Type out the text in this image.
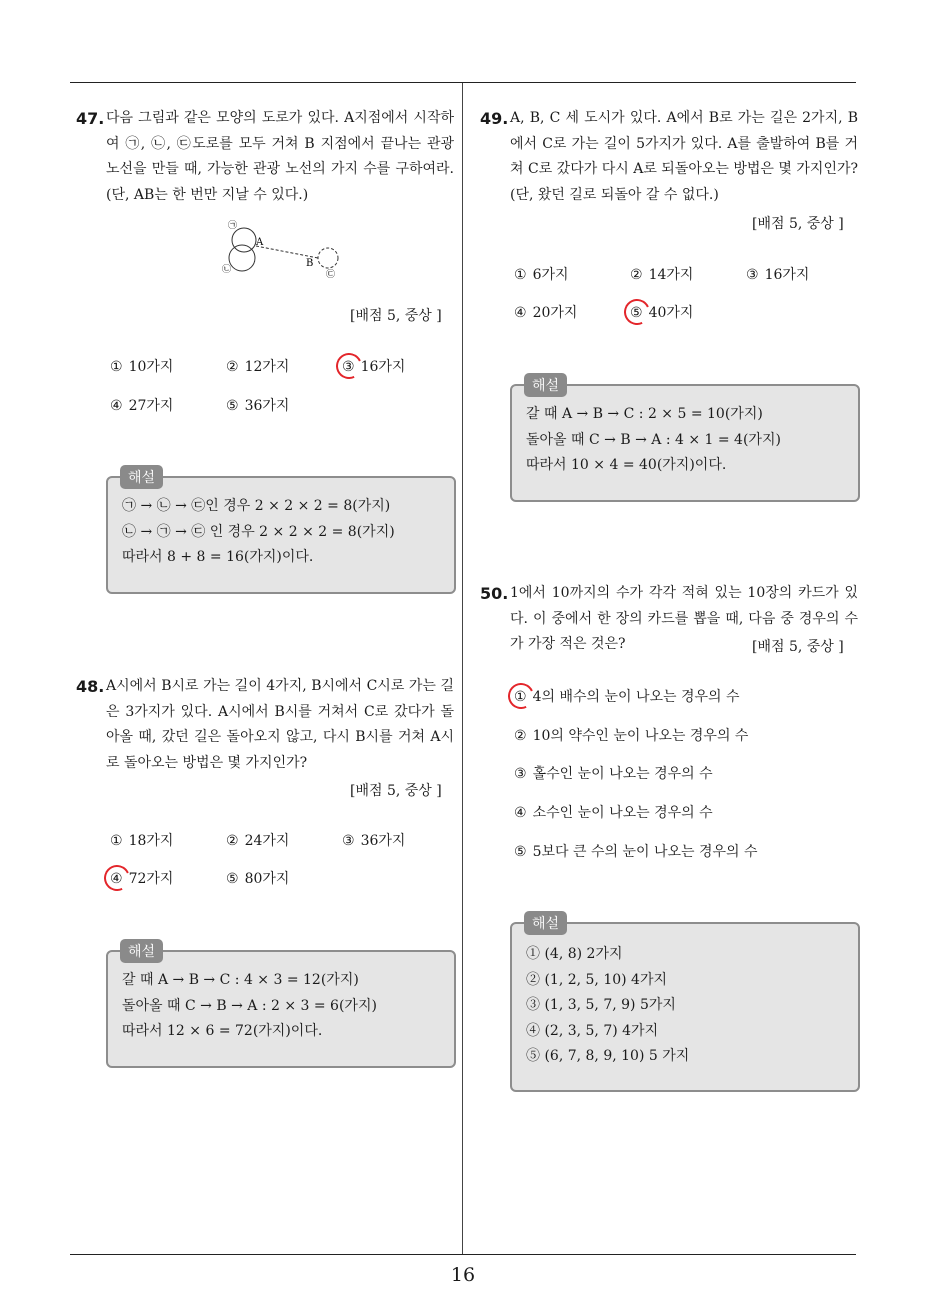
16
47. 다음 그림과 같은 모양의 도로가 있다. A지점에서 시작하여 ㉠, ㉡, ㉢도로를 모두 거쳐 B 지점에서 끝나는 관광 노선을 만들 때, 가능한 관광 노선의 가지 수를 구하여라. (단, AB는 한 번만 지날 수 있다.)
㉠
A
B
㉡	㉢
[배점 5, 중상 ]
① 10가지	② 12가지	③ 16가지
④ 27가지	⑤ 36가지
해설
㉠ → ㉡ → ㉢인 경우 2 × 2 × 2 = 8(가지)
㉡ → ㉠ → ㉢ 인 경우 2 × 2 × 2 = 8(가지)
따라서 8 + 8 = 16(가지)이다.
48. A시에서 B시로 가는 길이 4가지, B시에서 C시로 가는 길은 3가지가 있다. A시에서 B시를 거쳐서 C로 갔다가 돌아올 때, 갔던 길은 돌아오지 않고, 다시 B시를 거쳐 A시로 돌아오는 방법은 몇 가지인가?
[배점 5, 중상 ]
① 18가지	② 24가지	③ 36가지
④ 72가지	⑤ 80가지
해설
갈 때 A → B → C : 4 × 3 = 12(가지)
돌아올 때 C → B → A : 2 × 3 = 6(가지)
따라서 12 × 6 = 72(가지)이다.
49. A, B, C 세 도시가 있다. A에서 B로 가는 길은 2가지, B에서 C로 가는 길이 5가지가 있다. A를 출발하여 B를 거쳐 C로 갔다가 다시 A로 되돌아오는 방법은 몇 가지인가? (단, 왔던 길로 되돌아 갈 수 없다.)
[배점 5, 중상 ]
① 6가지	② 14가지	③ 16가지
④ 20가지	⑤ 40가지
해설
갈 때 A → B → C : 2 × 5 = 10(가지)
돌아올 때 C → B → A : 4 × 1 = 4(가지)
따라서 10 × 4 = 40(가지)이다.
50. 1에서 10까지의 수가 각각 적혀 있는 10장의 카드가 있다. 이 중에서 한 장의 카드를 뽑을 때, 다음 중 경우의 수가 가장 적은 것은?	[배점 5, 중상 ]
① 4의 배수의 눈이 나오는 경우의 수
② 10의 약수인 눈이 나오는 경우의 수
③ 홀수인 눈이 나오는 경우의 수
④ 소수인 눈이 나오는 경우의 수
⑤ 5보다 큰 수의 눈이 나오는 경우의 수
해설
① (4, 8) 2가지
② (1, 2, 5, 10) 4가지
③ (1, 3, 5, 7, 9) 5가지
④ (2, 3, 5, 7) 4가지
⑤ (6, 7, 8, 9, 10) 5 가지
